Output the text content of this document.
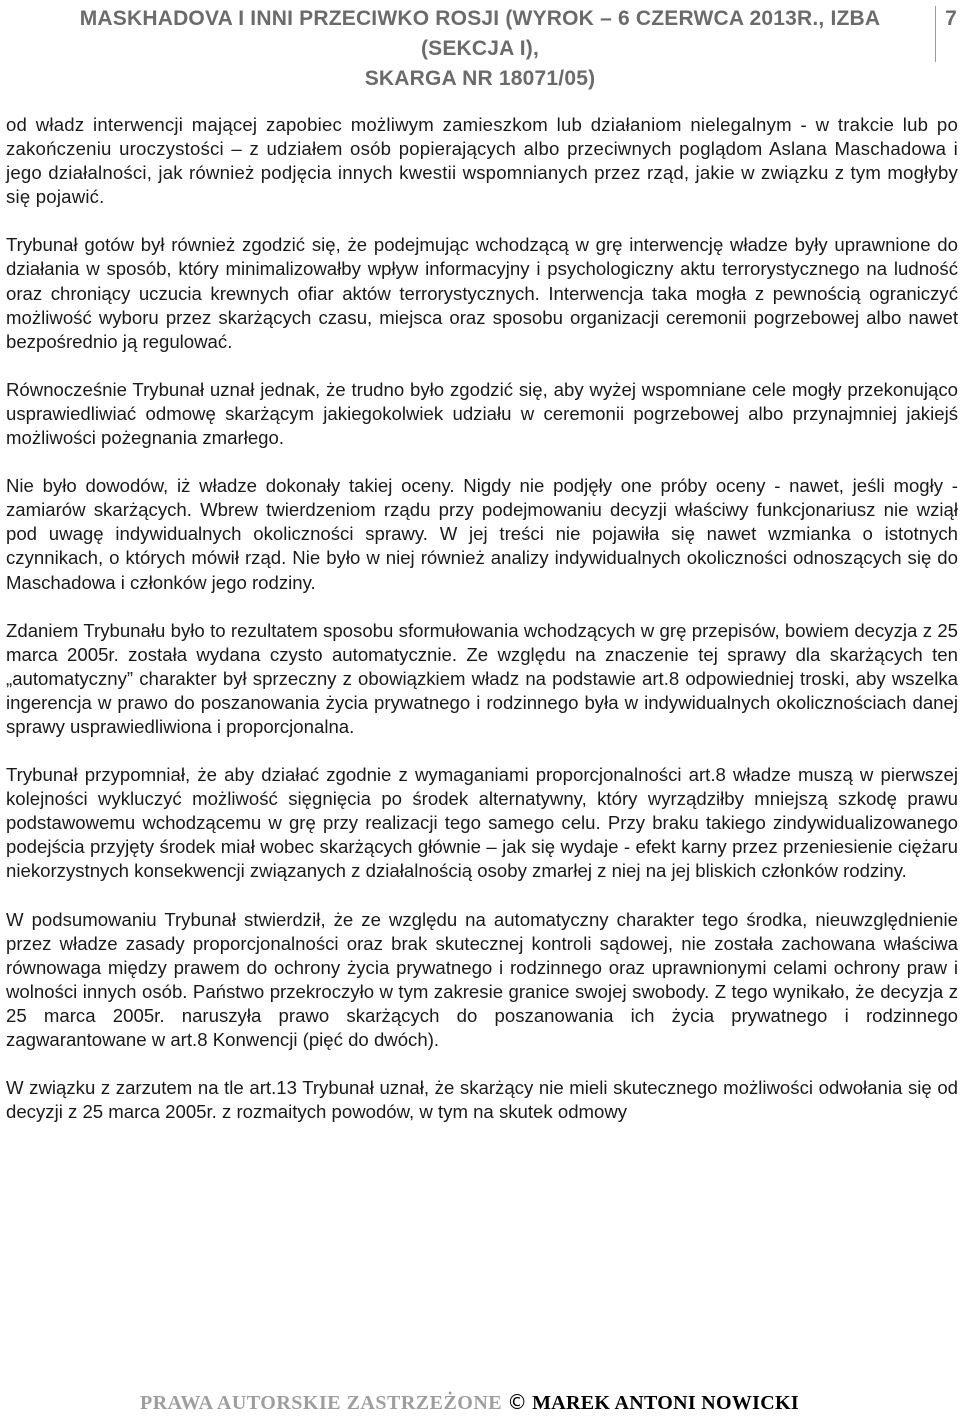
MASKHADOVA I INNI PRZECIWKO ROSJI (WYROK – 6 CZERWCA 2013R., IZBA (SEKCJA I),
SKARGA NR 18071/05)
7

od władz interwencji mającej zapobiec możliwym zamieszkom lub działaniom nielegalnym - w trakcie lub po zakończeniu uroczystości – z udziałem osób popierających albo przeciwnych poglądom Aslana Maschadowa i jego działalności, jak również podjęcia innych kwestii wspomnianych przez rząd, jakie w związku z tym mogłyby się pojawić.

Trybunał gotów był również zgodzić się, że podejmując wchodzącą w grę interwencję władze były uprawnione do działania w sposób, który minimalizowałby wpływ informacyjny i psychologiczny aktu terrorystycznego na ludność oraz chroniący uczucia krewnych ofiar aktów terrorystycznych. Interwencja taka mogła z pewnością ograniczyć możliwość wyboru przez skarżących czasu, miejsca oraz sposobu organizacji ceremonii pogrzebowej albo nawet bezpośrednio ją regulować.

Równocześnie Trybunał uznał jednak, że trudno było zgodzić się, aby wyżej wspomniane cele mogły przekonująco usprawiedliwiać odmowę skarżącym jakiegokolwiek udziału w ceremonii pogrzebowej albo przynajmniej jakiejś możliwości pożegnania zmarłego.

Nie było dowodów, iż władze dokonały takiej oceny. Nigdy nie podjęły one próby oceny - nawet, jeśli mogły - zamiarów skarżących. Wbrew twierdzeniom rządu przy podejmowaniu decyzji właściwy funkcjonariusz nie wziął pod uwagę indywidualnych okoliczności sprawy. W jej treści nie pojawiła się nawet wzmianka o istotnych czynnikach, o których mówił rząd. Nie było w niej również analizy indywidualnych okoliczności odnoszących się do Maschadowa i członków jego rodziny.

Zdaniem Trybunału było to rezultatem sposobu sformułowania wchodzących w grę przepisów, bowiem decyzja z 25 marca 2005r. została wydana czysto automatycznie. Ze względu na znaczenie tej sprawy dla skarżących ten „automatyczny” charakter był sprzeczny z obowiązkiem władz na podstawie art.8 odpowiedniej troski, aby wszelka ingerencja w prawo do poszanowania życia prywatnego i rodzinnego była w indywidualnych okolicznościach danej sprawy usprawiedliwiona i proporcjonalna.

Trybunał przypomniał, że aby działać zgodnie z wymaganiami proporcjonalności art.8 władze muszą w pierwszej kolejności wykluczyć możliwość sięgnięcia po środek alternatywny, który wyrządziłby mniejszą szkodę prawu podstawowemu wchodzącemu w grę przy realizacji tego samego celu. Przy braku takiego zindywidualizowanego podejścia przyjęty środek miał wobec skarżących głównie – jak się wydaje - efekt karny przez przeniesienie ciężaru niekorzystnych konsekwencji związanych z działalnością osoby zmarłej z niej na jej bliskich członków rodziny.

W podsumowaniu Trybunał stwierdził, że ze względu na automatyczny charakter tego środka, nieuwzględnienie przez władze zasady proporcjonalności oraz brak skutecznej kontroli sądowej, nie została zachowana właściwa równowaga między prawem do ochrony życia prywatnego i rodzinnego oraz uprawnionymi celami ochrony praw i wolności innych osób. Państwo przekroczyło w tym zakresie granice swojej swobody. Z tego wynikało, że decyzja z 25 marca 2005r. naruszyła prawo skarżących do poszanowania ich życia prywatnego i rodzinnego zagwarantowane w art.8 Konwencji (pięć do dwóch).

W związku z zarzutem na tle art.13 Trybunał uznał, że skarżący nie mieli skutecznego możliwości odwołania się od decyzji z 25 marca 2005r. z rozmaitych powodów, w tym na skutek odmowy

PRAWA AUTORSKIE ZASTRZEŻONE © MAREK ANTONI NOWICKI
